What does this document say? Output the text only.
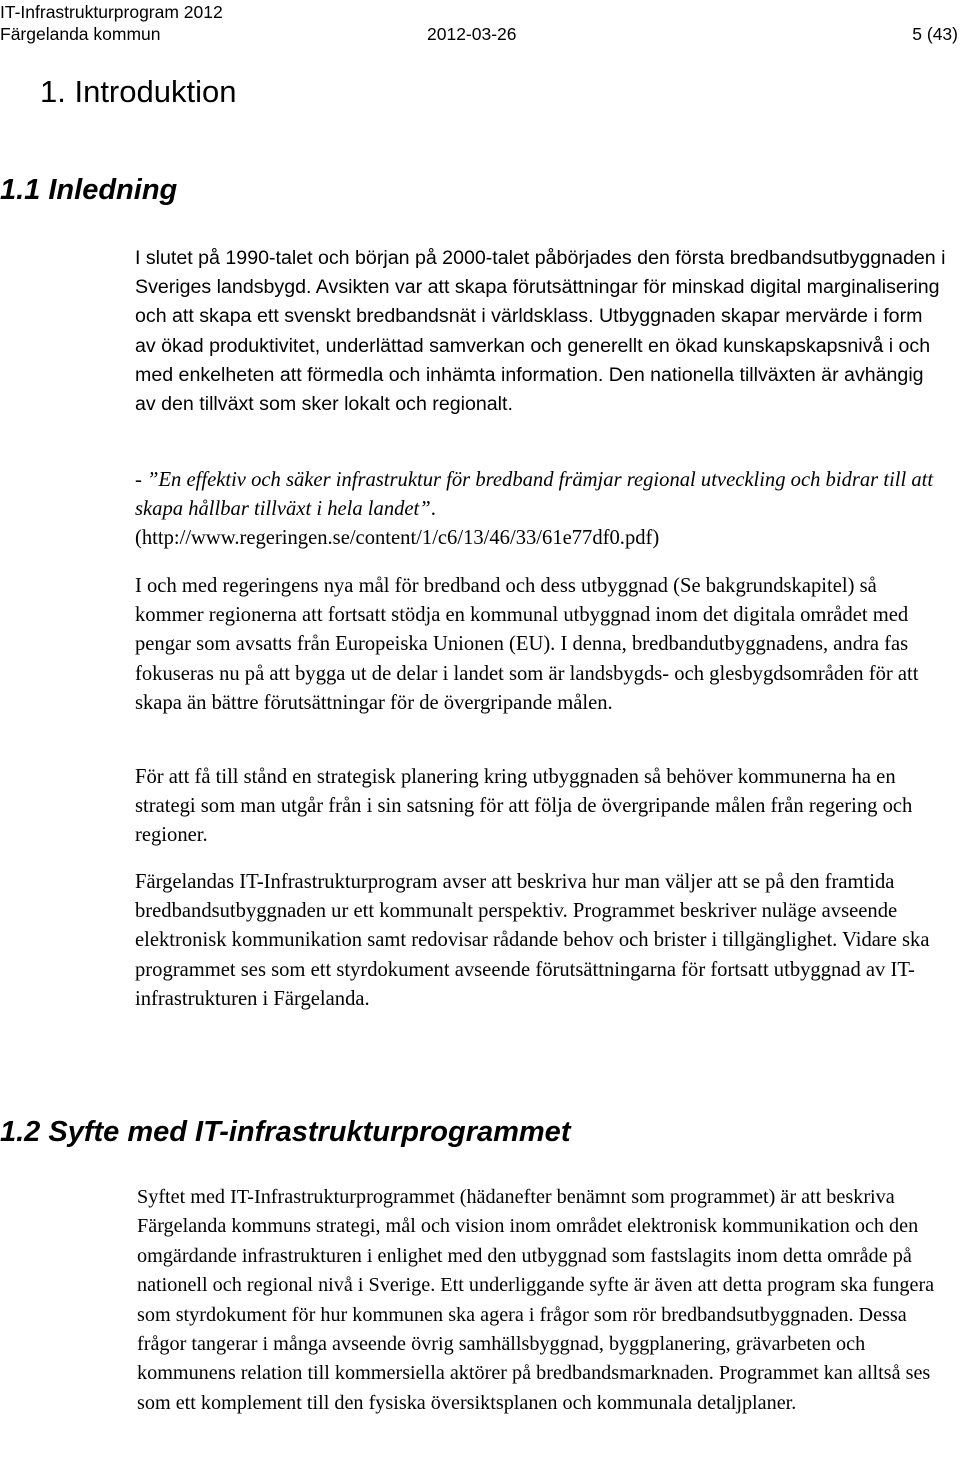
IT-Infrastrukturprogram 2012
Färgelanda kommun	2012-03-26	5 (43)
1. Introduktion
1.1 Inledning

I slutet på 1990-talet och början på 2000-talet påbörjades den första bredbandsutbyggnaden i Sveriges landsbygd. Avsikten var att skapa förutsättningar för minskad digital marginalisering och att skapa ett svenskt bredbandsnät i världsklass. Utbyggnaden skapar mervärde i form av ökad produktivitet, underlättad samverkan och generellt en ökad kunskapskapsnivå i och med enkelheten att förmedla och inhämta information. Den nationella tillväxten är avhängig av den tillväxt som sker lokalt och regionalt.

- ”En effektiv och säker infrastruktur för bredband främjar regional utveckling och bidrar till att skapa hållbar tillväxt i hela landet”.
(http://www.regeringen.se/content/1/c6/13/46/33/61e77df0.pdf)

I och med regeringens nya mål för bredband och dess utbyggnad (Se bakgrundskapitel) så kommer regionerna att fortsatt stödja en kommunal utbyggnad inom det digitala området med pengar som avsatts från Europeiska Unionen (EU). I denna, bredbandutbyggnadens, andra fas fokuseras nu på att bygga ut de delar i landet som är landsbygds- och glesbygdsområden för att skapa än bättre förutsättningar för de övergripande målen.

För att få till stånd en strategisk planering kring utbyggnaden så behöver kommunerna ha en strategi som man utgår från i sin satsning för att följa de övergripande målen från regering och regioner.

Färgelandas IT-Infrastrukturprogram avser att beskriva hur man väljer att se på den framtida bredbandsutbyggnaden ur ett kommunalt perspektiv. Programmet beskriver nuläge avseende elektronisk kommunikation samt redovisar rådande behov och brister i tillgänglighet. Vidare ska programmet ses som ett styrdokument avseende förutsättningarna för fortsatt utbyggnad av IT-infrastrukturen i Färgelanda.

1.2 Syfte med IT-infrastrukturprogrammet

Syftet med IT-Infrastrukturprogrammet (hädanefter benämnt som programmet) är att beskriva Färgelanda kommuns strategi, mål och vision inom området elektronisk kommunikation och den omgärdande infrastrukturen i enlighet med den utbyggnad som fastslagits inom detta område på nationell och regional nivå i Sverige. Ett underliggande syfte är även att detta program ska fungera som styrdokument för hur kommunen ska agera i frågor som rör bredbandsutbyggnaden. Dessa frågor tangerar i många avseende övrig samhällsbyggnad, byggplanering, grävarbeten och kommunens relation till kommersiella aktörer på bredbandsmarknaden. Programmet kan alltså ses som ett komplement till den fysiska översiktsplanen och kommunala detaljplaner.
